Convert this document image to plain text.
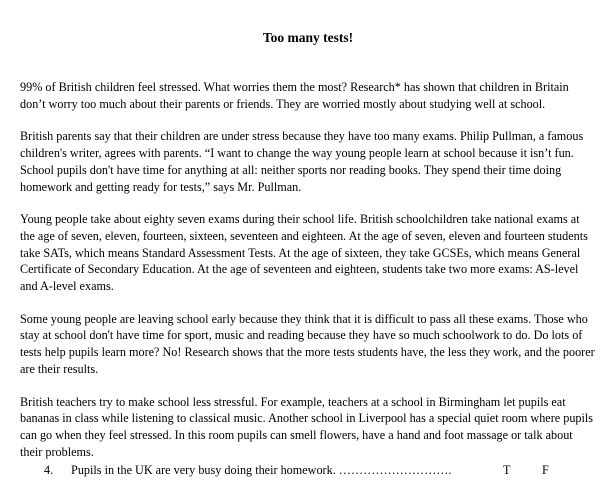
Too many tests!

99% of British children feel stressed. What worries them the most? Research* has shown that children in Britain don’t worry too much about their parents or friends. They are worried mostly about studying well at school.

British parents say that their children are under stress because they have too many exams. Philip Pullman, a famous children's writer, agrees with parents. “I want to change the way young people learn at school because it isn’t fun. School pupils don't have time for anything at all: neither sports nor reading books. They spend their time doing homework and getting ready for tests,” says Mr. Pullman.

Young people take about eighty seven exams during their school life. British schoolchildren take national exams at the age of seven, eleven, fourteen, sixteen, seventeen and eighteen. At the age of seven, eleven and fourteen students take SATs, which means Standard Assessment Tests. At the age of sixteen, they take GCSEs, which means General Certificate of Secondary Education. At the age of seventeen and eighteen, students take two more exams: AS-level and A-level exams.

Some young people are leaving school early because they think that it is difficult to pass all these exams. Those who stay at school don't have time for sport, music and reading because they have so much schoolwork to do. Do lots of tests help pupils learn more? No! Research shows that the more tests students have, the less they work, and the poorer are their results.

British teachers try to make school less stressful. For example, teachers at a school in Birmingham let pupils eat bananas in class while listening to classical music. Another school in Liverpool has a special quiet room where pupils can go when they feel stressed. In this room pupils can smell flowers, have a hand and foot massage or talk about their problems.

4. Pupils in the UK are very busy doing their homework. ……………………….	T	F
